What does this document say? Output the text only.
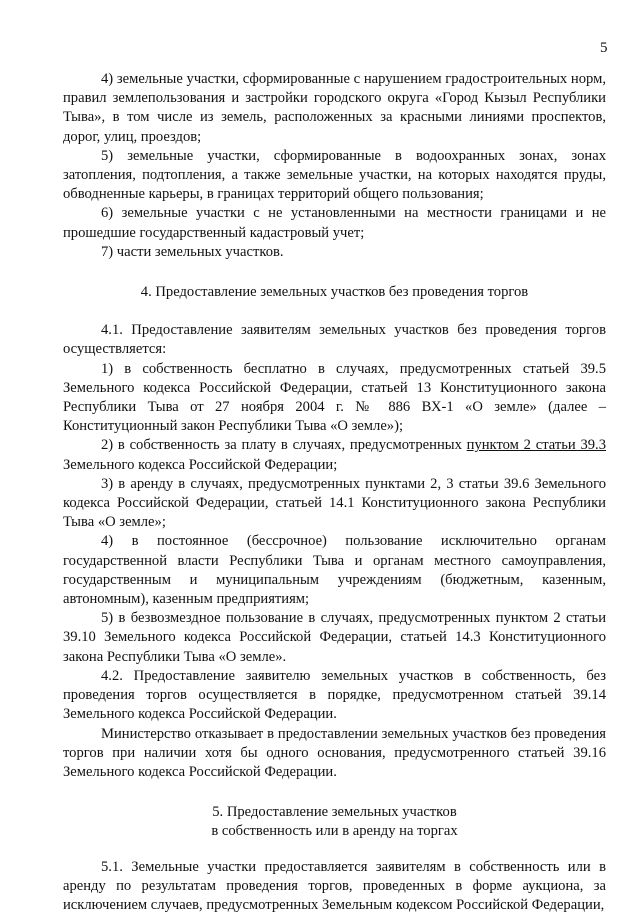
5

4) земельные участки, сформированные с нарушением градостроительных норм, правил землепользования и застройки городского округа «Город Кызыл Республики Тыва», в том числе из земель, расположенных за красными линиями проспектов, дорог, улиц, проездов;

5) земельные участки, сформированные в водоохранных зонах, зонах затопления, подтопления, а также земельные участки, на которых находятся пруды, обводненные карьеры, в границах территорий общего пользования;

6) земельные участки с не установленными на местности границами и не прошедшие государственный кадастровый учет;

7) части земельных участков.

4. Предоставление земельных участков без проведения торгов

4.1. Предоставление заявителям земельных участков без проведения торгов осуществляется:

1) в собственность бесплатно в случаях, предусмотренных статьей 39.5 Земельного кодекса Российской Федерации, статьей 13 Конституционного закона Республики Тыва от 27 ноября 2004 г. № 886 ВХ-1 «О земле» (далее – Конституционный закон Республики Тыва «О земле»);

2) в собственность за плату в случаях, предусмотренных пунктом 2 статьи 39.3 Земельного кодекса Российской Федерации;

3) в аренду в случаях, предусмотренных пунктами 2, 3 статьи 39.6 Земельного кодекса Российской Федерации, статьей 14.1 Конституционного закона Республики Тыва «О земле»;

4) в постоянное (бессрочное) пользование исключительно органам государственной власти Республики Тыва и органам местного самоуправления, государственным и муниципальным учреждениям (бюджетным, казенным, автономным), казенным предприятиям;

5) в безвозмездное пользование в случаях, предусмотренных пунктом 2 статьи 39.10 Земельного кодекса Российской Федерации, статьей 14.3 Конституционного закона Республики Тыва «О земле».

4.2. Предоставление заявителю земельных участков в собственность, без проведения торгов осуществляется в порядке, предусмотренном статьей 39.14 Земельного кодекса Российской Федерации.

Министерство отказывает в предоставлении земельных участков без проведения торгов при наличии хотя бы одного основания, предусмотренного статьей 39.16 Земельного кодекса Российской Федерации.

5. Предоставление земельных участков
в собственность или в аренду на торгах

5.1. Земельные участки предоставляется заявителям в собственность или в аренду по результатам проведения торгов, проведенных в форме аукциона, за исключением случаев, предусмотренных Земельным кодексом Российской Федерации,
